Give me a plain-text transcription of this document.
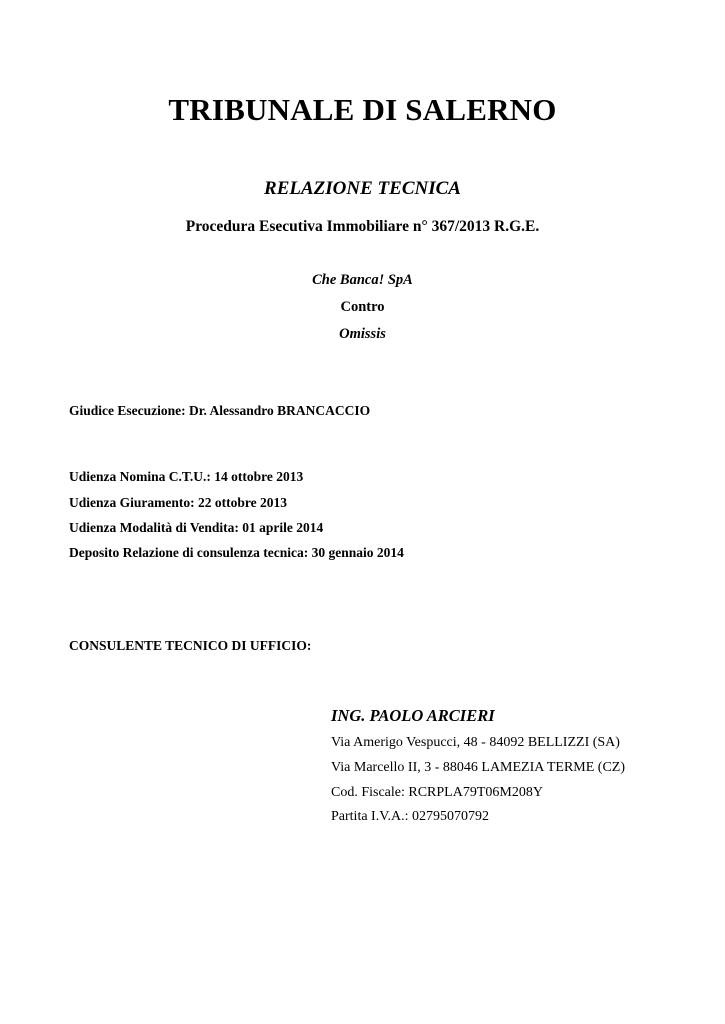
TRIBUNALE DI SALERNO
RELAZIONE TECNICA

Procedura Esecutiva Immobiliare n° 367/2013 R.G.E.

Che Banca! SpA

Contro

Omissis

Giudice Esecuzione: Dr. Alessandro BRANCACCIO

Udienza Nomina C.T.U.: 14 ottobre 2013

Udienza Giuramento: 22 ottobre 2013

Udienza Modalità di Vendita: 01 aprile 2014

Deposito Relazione di consulenza tecnica: 30 gennaio 2014

CONSULENTE TECNICO DI UFFICIO:

ING. PAOLO ARCIERI

Via Amerigo Vespucci, 48 - 84092 BELLIZZI (SA)

Via Marcello II, 3 - 88046 LAMEZIA TERME (CZ)

Cod. Fiscale: RCRPLA79T06M208Y

Partita I.V.A.: 02795070792
